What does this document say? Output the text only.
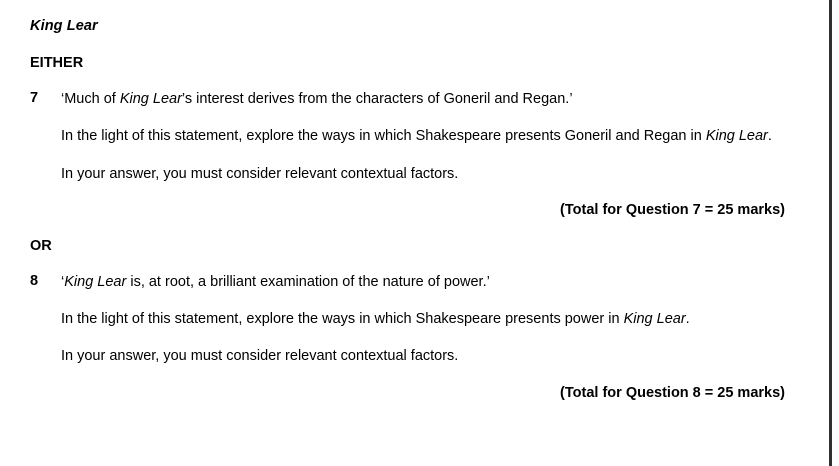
King Lear
EITHER
7 ‘Much of King Lear’s interest derives from the characters of Goneril and Regan.’

In the light of this statement, explore the ways in which Shakespeare presents Goneril and Regan in King Lear.

In your answer, you must consider relevant contextual factors.

(Total for Question 7 = 25 marks)
OR
8 ‘King Lear is, at root, a brilliant examination of the nature of power.’

In the light of this statement, explore the ways in which Shakespeare presents power in King Lear.

In your answer, you must consider relevant contextual factors.

(Total for Question 8 = 25 marks)
